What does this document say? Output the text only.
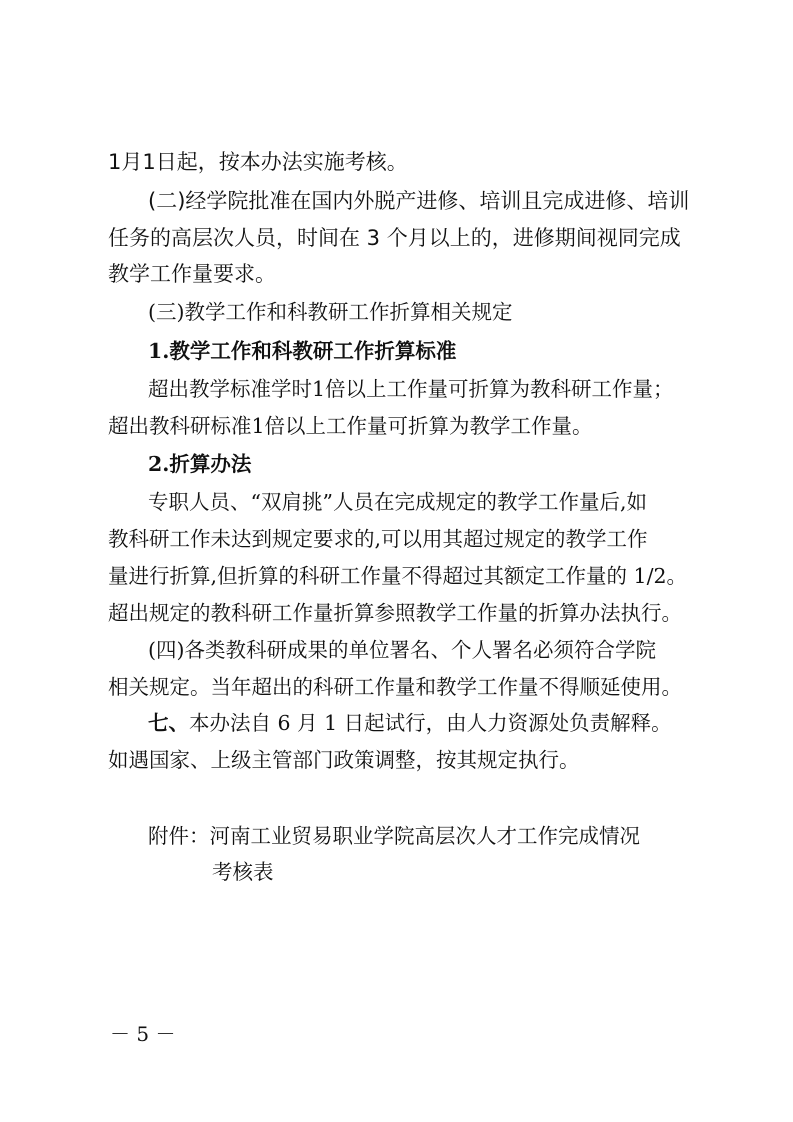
1月1日起，按本办法实施考核。
(二)经学院批准在国内外脱产进修、培训且完成进修、培训
任务的高层次人员，时间在 3 个月以上的，进修期间视同完成
教学工作量要求。
(三)教学工作和科教研工作折算相关规定
1.教学工作和科教研工作折算标准
超出教学标准学时1倍以上工作量可折算为教科研工作量；
超出教科研标准1倍以上工作量可折算为教学工作量。
2.折算办法
专职人员、“双肩挑”人员在完成规定的教学工作量后,如
教科研工作未达到规定要求的,可以用其超过规定的教学工作
量进行折算,但折算的科研工作量不得超过其额定工作量的 1/2。
超出规定的教科研工作量折算参照教学工作量的折算办法执行。
(四)各类教科研成果的单位署名、个人署名必须符合学院
相关规定。当年超出的科研工作量和教学工作量不得顺延使用。
七、本办法自 6 月 1 日起试行，由人力资源处负责解释。
如遇国家、上级主管部门政策调整，按其规定执行。
附件：河南工业贸易职业学院高层次人才工作完成情况
考核表
－ 5 －
